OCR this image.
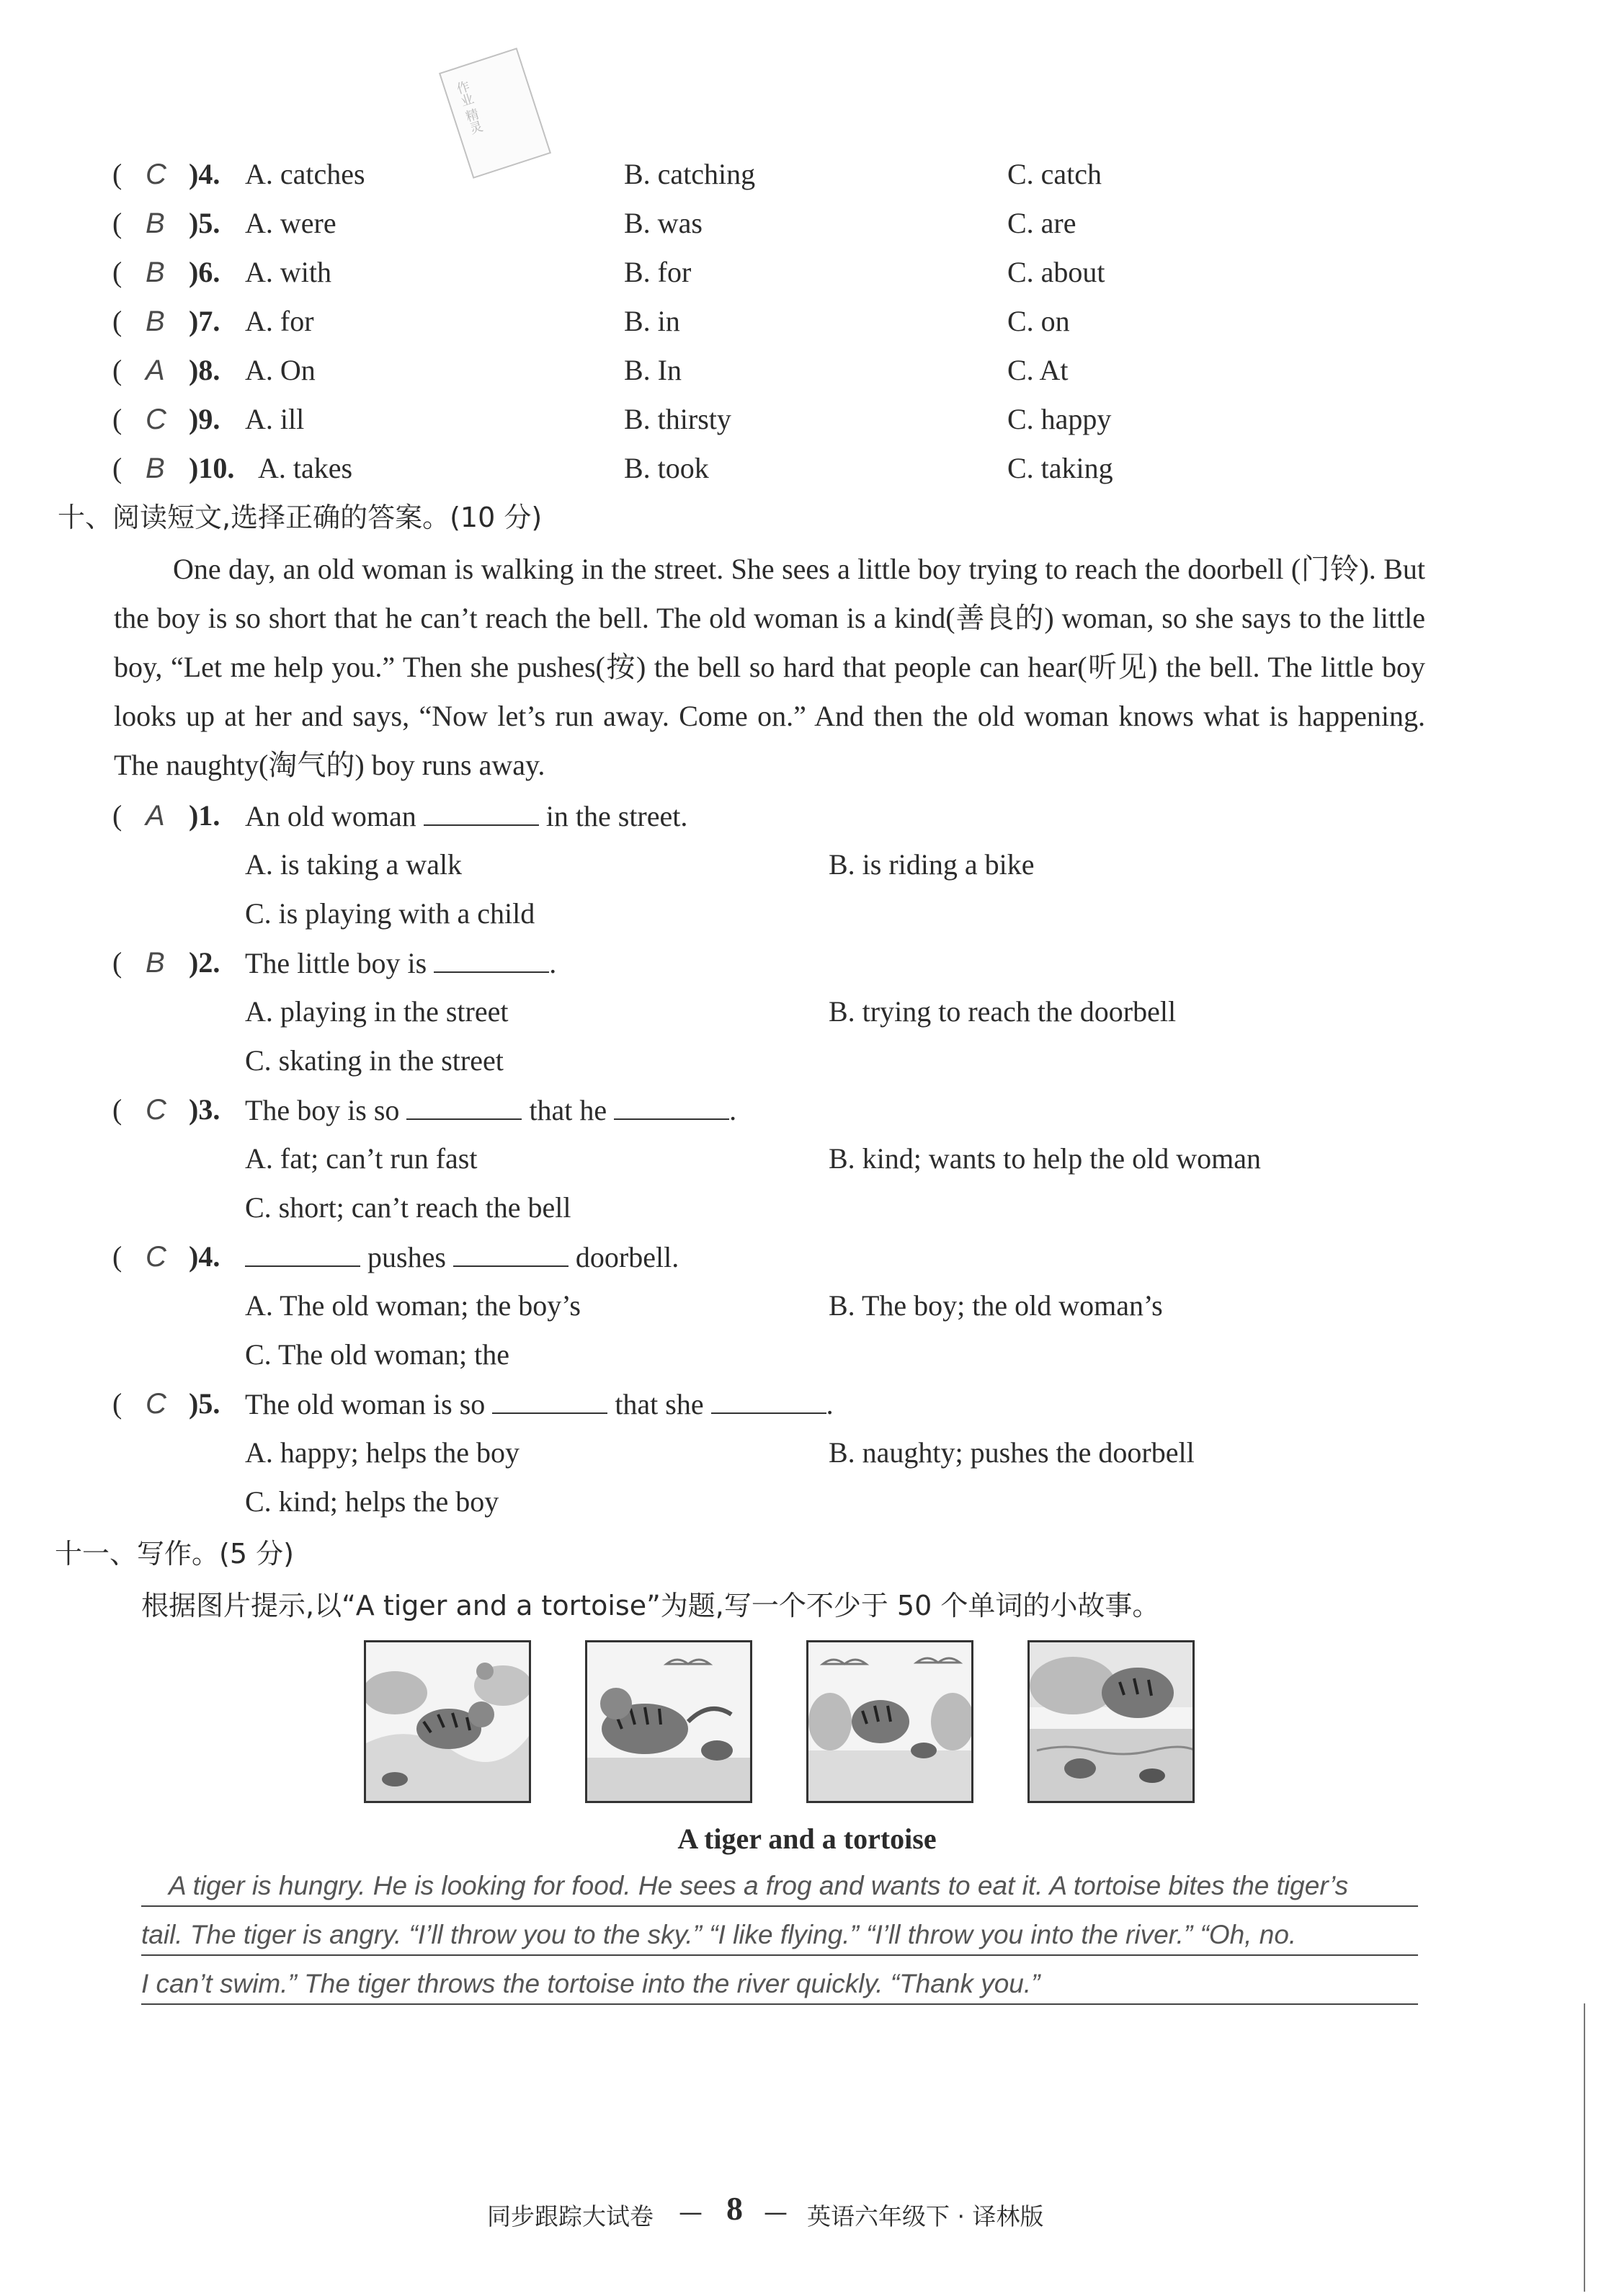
作业 精灵
( C )4. A. catches	B. catching	C. catch
( B )5. A. were	B. was	C. are
( B )6. A. with	B. for	C. about
( B )7. A. for	B. in	C. on
( A )8. A. On	B. In	C. At
( C )9. A. ill	B. thirsty	C. happy
( B )10. A. takes	B. took	C. taking
十、阅读短文,选择正确的答案。(10 分)
One day, an old woman is walking in the street. She sees a little boy trying to reach the doorbell (门铃). But the boy is so short that he can’t reach the bell. The old woman is a kind(善良的) woman, so she says to the little boy, “Let me help you.” Then she pushes(按) the bell so hard that people can hear(听见) the bell. The little boy looks up at her and says, “Now let’s run away. Come on.” And then the old woman knows what is happening. The naughty(淘气的) boy runs away.
( A )1. An old woman	in the street.
A. is taking a walk	B. is riding a bike
C. is playing with a child
( B )2. The little boy is	.
A. playing in the street	B. trying to reach the doorbell
C. skating in the street
( C )3. The boy is so	that he	.
A. fat; can’t run fast	B. kind; wants to help the old woman
C. short; can’t reach the bell
( C )4.	pushes	doorbell.
A. The old woman; the boy’s	B. The boy; the old woman’s
C. The old woman; the
( C )5. The old woman is so	that she	.
A. happy; helps the boy	B. naughty; pushes the doorbell
C. kind; helps the boy
十一、写作。(5 分)
根据图片提示,以“A tiger and a tortoise”为题,写一个不少于 50 个单词的小故事。
A tiger and a tortoise
A tiger is hungry. He is looking for food. He sees a frog and wants to eat it. A tortoise bites the tiger’s
tail. The tiger is angry. “I’ll throw you to the sky.” “I like flying.” “I’ll throw you into the river.” “Oh, no.
I can’t swim.” The tiger throws the tortoise into the river quickly. “Thank you.”
同步跟踪大试卷 — 8 — 英语六年级下 · 译林版
